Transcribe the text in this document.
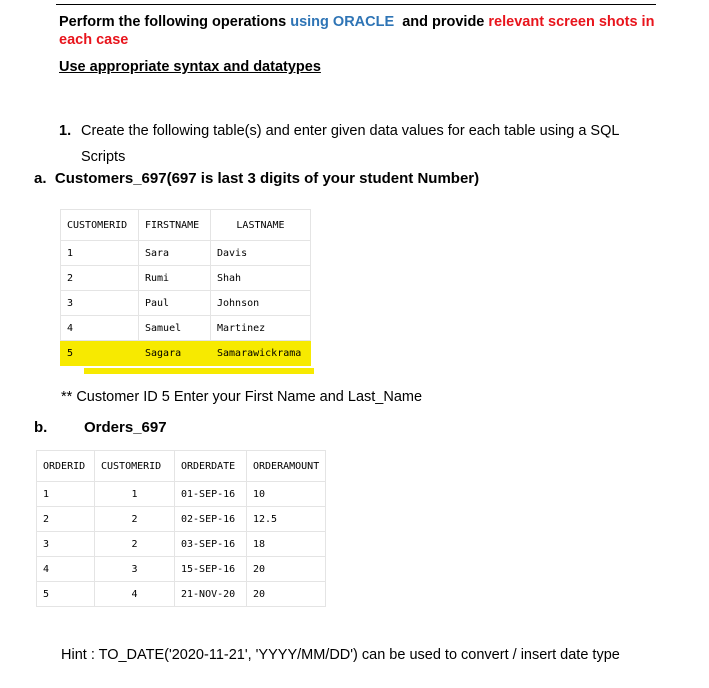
Perform the following operations using ORACLE  and provide relevant screen shots in each case
Use appropriate syntax and datatypes
1. Create the following table(s) and enter given data values for each table using a SQL
Scripts
a. Customers_697(697 is last 3 digits of your student Number)
CUSTOMERID	FIRSTNAME	LASTNAME
1	Sara	Davis
2	Rumi	Shah
3	Paul	Johnson
4	Samuel	Martinez
5	Sagara	Samarawickrama
** Customer ID 5 Enter your First Name and Last_Name
b. Orders_697
ORDERID	CUSTOMERID	ORDERDATE	ORDERAMOUNT
1	1	01-SEP-16	10
2	2	02-SEP-16	12.5
3	2	03-SEP-16	18
4	3	15-SEP-16	20
5	4	21-NOV-20	20
Hint : TO_DATE('2020-11-21', 'YYYY/MM/DD') can be used to convert / insert date type
